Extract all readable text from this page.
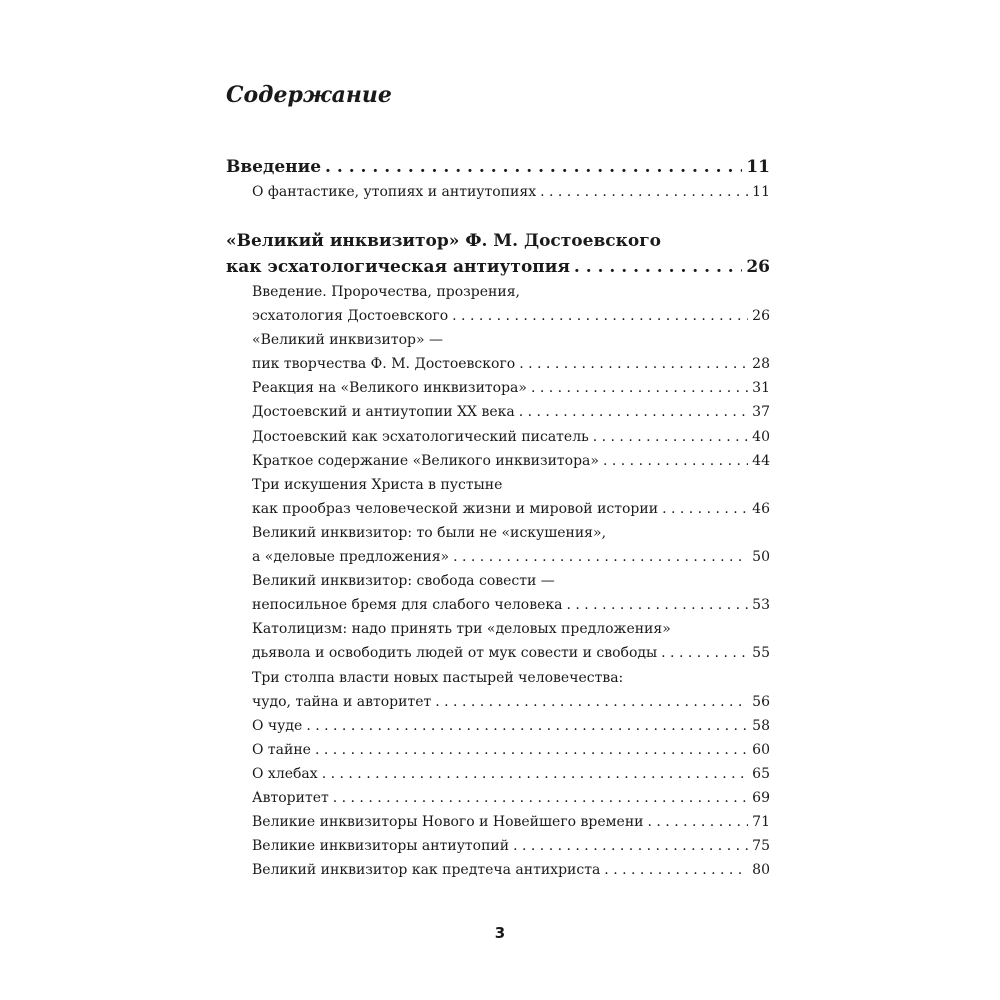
Содержание
Введение . . .	11
О фантастике, утопиях и антиутопиях . . .	11
«Великий инквизитор» Ф. М. Достоевского
как эсхатологическая антиутопия . . .	26
Введение. Пророчества, прозрения,
эсхатология Достоевского . . .	26
«Великий инквизитор» —
пик творчества Ф. М. Достоевского . . .	28
Реакция на «Великого инквизитора» . . .	31
Достоевский и антиутопии XX века . . .	37
Достоевский как эсхатологический писатель . . .	40
Краткое содержание «Великого инквизитора» . . .	44
Три искушения Христа в пустыне
как прообраз человеческой жизни и мировой истории . . .	46
Великий инквизитор: то были не «искушения»,
а «деловые предложения» . . .	50
Великий инквизитор: свобода совести —
непосильное бремя для слабого человека . . .	53
Католицизм: надо принять три «деловых предложения»
дьявола и освободить людей от мук совести и свободы . . .	55
Три столпа власти новых пастырей человечества:
чудо, тайна и авторитет . . .	56
О чуде . . .	58
О тайне . . .	60
О хлебах . . .	65
Авторитет . . .	69
Великие инквизиторы Нового и Новейшего времени . . .	71
Великие инквизиторы антиутопий . . .	75
Великий инквизитор как предтеча антихриста . . .	80
3
